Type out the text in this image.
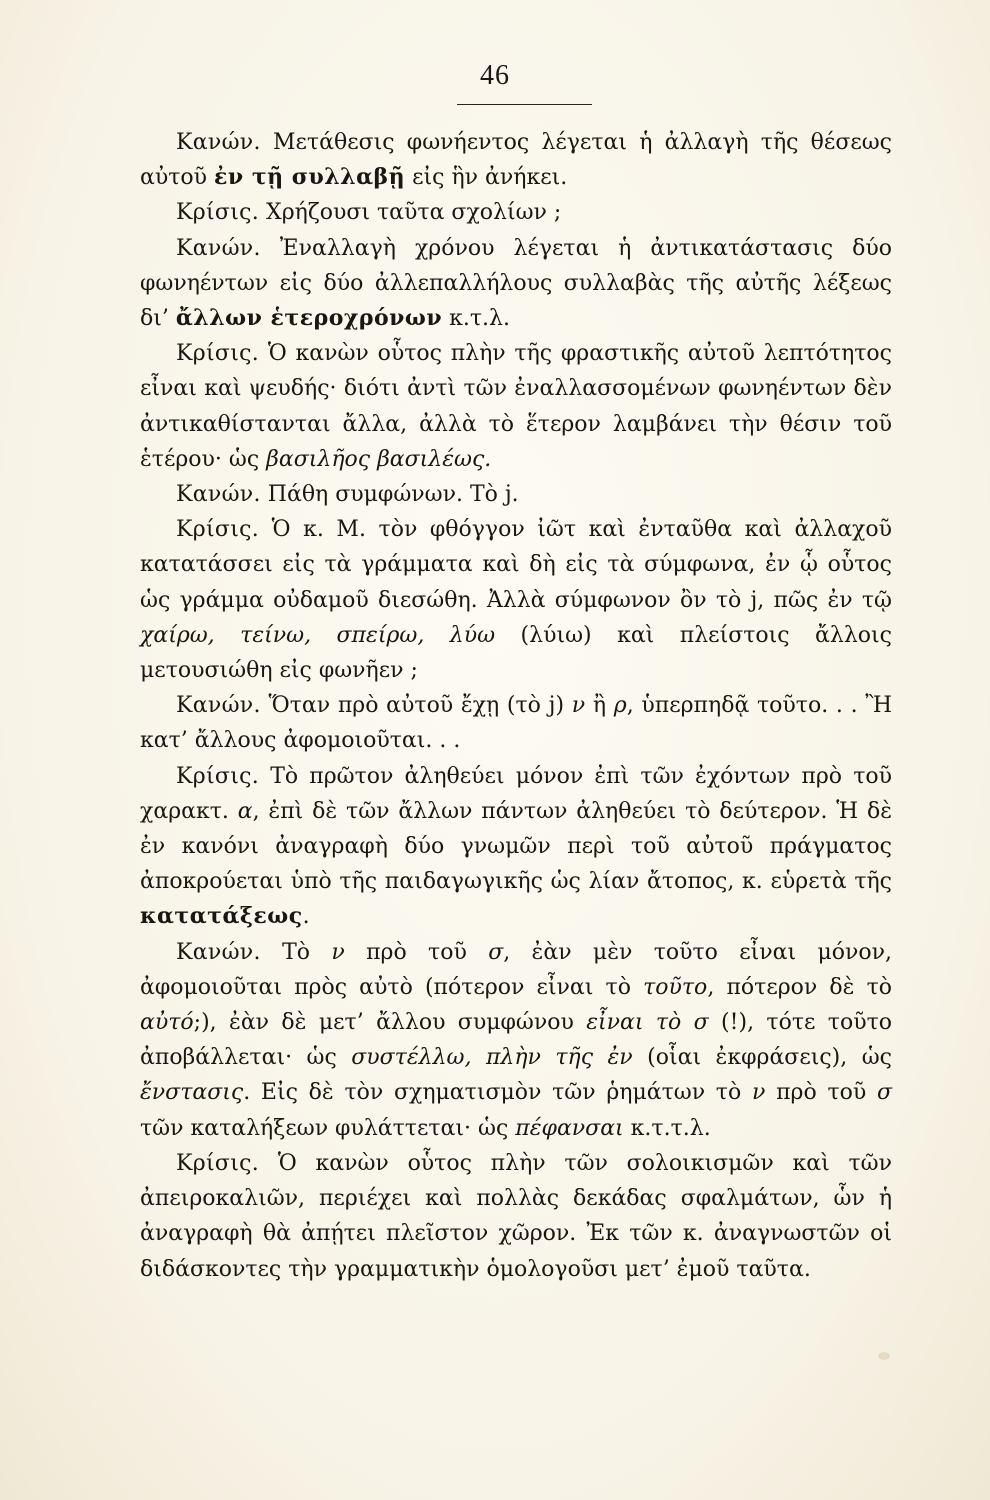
46

Κανών. Μετάθεσις φωνήεντος λέγεται ἡ ἀλλαγὴ τῆς θέσεως αὐτοῦ ἐν τῇ συλλαβῇ εἰς ἣν ἀνήκει.

Κρίσις. Χρήζουσι ταῦτα σχολίων ;

Κανών. Ἐναλλαγὴ χρόνου λέγεται ἡ ἀντικατάστασις δύο φωνηέντων εἰς δύο ἀλλεπαλλήλους συλλαβὰς τῆς αὐτῆς λέξεως δι’ ἄλλων ἑτεροχρόνων κ.τ.λ.

Κρίσις. Ὁ κανὼν οὗτος πλὴν τῆς φραστικῆς αὐτοῦ λεπτότητος εἶναι καὶ ψευδής· διότι ἀντὶ τῶν ἐναλλασσομένων φωνηέντων δὲν ἀντικαθίστανται ἄλλα, ἀλλὰ τὸ ἕτερον λαμβάνει τὴν θέσιν τοῦ ἑτέρου· ὡς βασιλῆος βασιλέως.

Κανών. Πάθη συμφώνων. Τὸ j.

Κρίσις. Ὁ κ. Μ. τὸν φθόγγον ἰῶτ καὶ ἐνταῦθα καὶ ἀλλαχοῦ κατατάσσει εἰς τὰ γράμματα καὶ δὴ εἰς τὰ σύμφωνα, ἐν ᾧ οὗτος ὡς γράμμα οὐδαμοῦ διεσώθη. Ἀλλὰ σύμφωνον ὂν τὸ j, πῶς ἐν τῷ χαίρω, τείνω, σπείρω, λύω (λύιω) καὶ πλείστοις ἄλλοις μετουσιώθη εἰς φωνῆεν ;

Κανών. Ὅταν πρὸ αὐτοῦ ἔχῃ (τὸ j) ν ἢ ρ, ὑπερπηδᾷ τοῦτο. . . Ἢ κατ’ ἄλλους ἀφομοιοῦται. . .

Κρίσις. Τὸ πρῶτον ἀληθεύει μόνον ἐπὶ τῶν ἐχόντων πρὸ τοῦ χαρακτ. α, ἐπὶ δὲ τῶν ἄλλων πάντων ἀληθεύει τὸ δεύτερον. Ἡ δὲ ἐν κανόνι ἀναγραφὴ δύο γνωμῶν περὶ τοῦ αὐτοῦ πράγματος ἀποκρούεται ὑπὸ τῆς παιδαγωγικῆς ὡς λίαν ἄτοπος, κ. εὑρετὰ τῆς κατατάξεως.

Κανών. Τὸ ν πρὸ τοῦ σ, ἐὰν μὲν τοῦτο εἶναι μόνον, ἀφομοιοῦται πρὸς αὐτὸ (πότερον εἶναι τὸ τοῦτο, πότερον δὲ τὸ αὐτό;), ἐὰν δὲ μετ’ ἄλλου συμφώνου εἶναι τὸ σ (!), τότε τοῦτο ἀποβάλλεται· ὡς συστέλλω, πλὴν τῆς ἐν (οἷαι ἐκφράσεις), ὡς ἔνστασις. Εἰς δὲ τὸν σχηματισμὸν τῶν ῥημάτων τὸ ν πρὸ τοῦ σ τῶν καταλήξεων φυλάττεται· ὡς πέφανσαι κ.τ.τ.λ.

Κρίσις. Ὁ κανὼν οὗτος πλὴν τῶν σολοικισμῶν καὶ τῶν ἀπειροκαλιῶν, περιέχει καὶ πολλὰς δεκάδας σφαλμάτων, ὧν ἡ ἀναγραφὴ θὰ ἀπῄτει πλεῖστον χῶρον. Ἐκ τῶν κ. ἀναγνωστῶν οἱ διδάσκοντες τὴν γραμματικὴν ὁμολογοῦσι μετ’ ἐμοῦ ταῦτα.
